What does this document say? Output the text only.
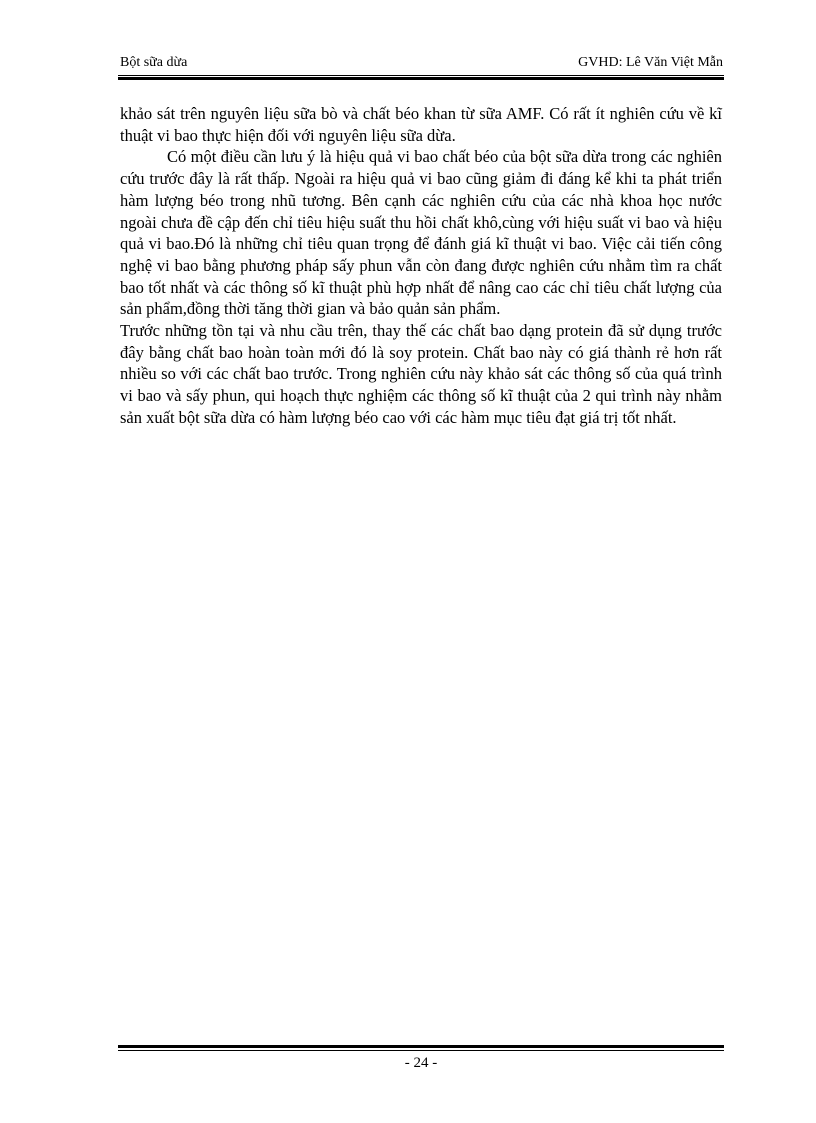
Bột sữa dừa	GVHD: Lê Văn Việt Mẫn

khảo sát trên nguyên liệu sữa bò và chất béo khan từ sữa AMF. Có rất ít nghiên cứu về kĩ thuật vi bao thực hiện đối với nguyên liệu sữa dừa.

Có một điều cần lưu ý là hiệu quả vi bao chất béo của bột sữa dừa trong các nghiên cứu trước đây là rất thấp. Ngoài ra hiệu quả vi bao cũng giảm đi đáng kể khi ta phát triển hàm lượng béo trong nhũ tương. Bên cạnh các nghiên cứu của các nhà khoa học nước ngoài chưa đề cập đến chỉ tiêu hiệu suất thu hồi chất khô,cùng với hiệu suất vi bao và hiệu quả vi bao.Đó là những chỉ tiêu quan trọng để đánh giá kĩ thuật vi bao. Việc cải tiến công nghệ vi bao bằng phương pháp sấy phun vẫn còn đang được nghiên cứu nhằm tìm ra chất bao tốt nhất và các thông số kĩ thuật phù hợp nhất để nâng cao các chỉ tiêu chất lượng của sản phẩm,đồng thời tăng thời gian và bảo quản sản phẩm.

Trước những tồn tại và nhu cầu trên, thay thế các chất bao dạng protein đã sử dụng trước đây bằng chất bao hoàn toàn mới đó là soy protein. Chất bao này có giá thành rẻ hơn rất nhiều so với các chất bao trước. Trong nghiên cứu này khảo sát các thông số của quá trình vi bao và sấy phun, qui hoạch thực nghiệm các thông số kĩ thuật của 2 qui trình này nhằm sản xuất bột sữa dừa có hàm lượng béo cao với các hàm mục tiêu đạt giá trị tốt nhất.

- 24 -
